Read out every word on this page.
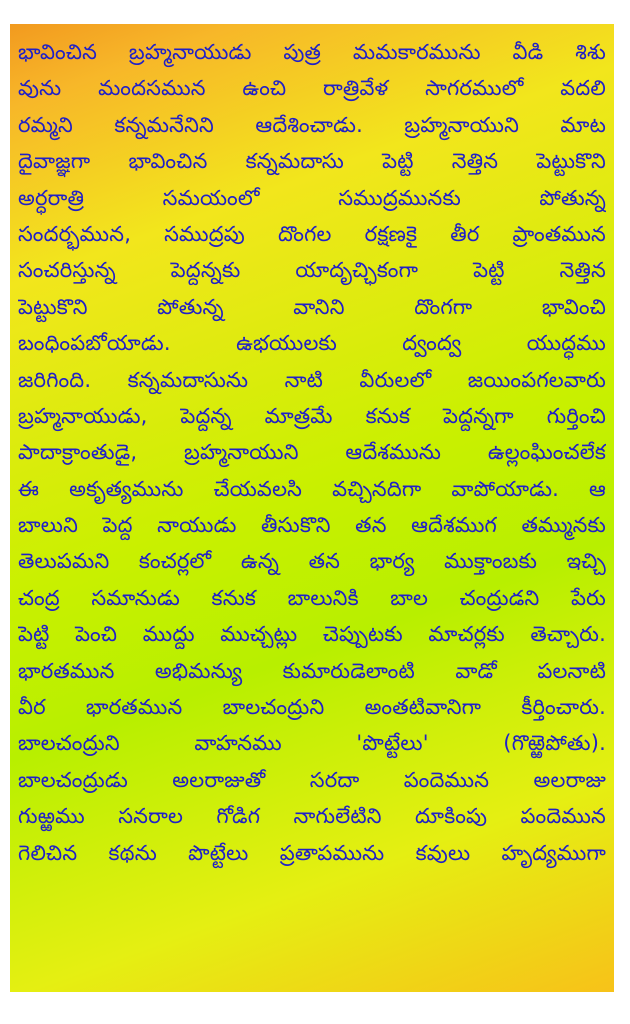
భావించిన బ్రహ్మనాయుడు పుత్ర మమకారమును వీడి శిశు
వును మందసమున ఉంచి రాత్రివేళ సాగరములో వదలి
రమ్మని కన్నమనేనిని ఆదేశించాడు. బ్రహ్మనాయుని మాట
దైవాజ్ఞగా భావించిన కన్నమదాసు పెట్టి నెత్తిన పెట్టుకొని
అర్ధరాత్రి సమయంలో సముద్రమునకు పోతున్న
సందర్భమున, సముద్రపు దొంగల రక్షణకై తీర ప్రాంతమున
సంచరిస్తున్న పెద్దన్నకు యాదృచ్ఛికంగా పెట్టి నెత్తిన
పెట్టుకొని పోతున్న వానిని దొంగగా భావించి
బంధింపబోయాడు. ఉభయులకు ద్వంద్వ యుద్ధము
జరిగింది. కన్నమదాసును నాటి వీరులలో జయింపగలవారు
బ్రహ్మనాయుడు, పెద్దన్న మాత్రమే కనుక పెద్దన్నగా గుర్తించి
పాదాక్రాంతుడై, బ్రహ్మనాయుని ఆదేశమును ఉల్లంఘించలేక
ఈ అకృత్యమును చేయవలసి వచ్చినదిగా వాపోయాడు. ఆ
బాలుని పెద్ద నాయుడు తీసుకొని తన ఆదేశముగ తమ్మునకు
తెలుపమని కంచర్లలో ఉన్న తన భార్య ముక్తాంబకు ఇచ్చి
చంద్ర సమానుడు కనుక బాలునికి బాల చంద్రుడని పేరు
పెట్టి పెంచి ముద్దు ముచ్చట్లు చెప్పుటకు మాచర్లకు తెచ్చారు.
భారతమున అభిమన్యు కుమారుడెలాంటి వాడో పలనాటి
వీర భారతమున బాలచంద్రుని అంతటివానిగా కీర్తించారు.
బాలచంద్రుని వాహనము 'పొట్టేలు' (గొఱ్ఱెపోతు).
బాలచంద్రుడు అలరాజుతో సరదా పందెమున అలరాజు
గుఱ్ఱము సనరాల గోడిగ నాగులేటిని దూకింపు పందెమున
గెలిచిన కథను పొట్టేలు ప్రతాపమును కవులు హృద్యముగా
